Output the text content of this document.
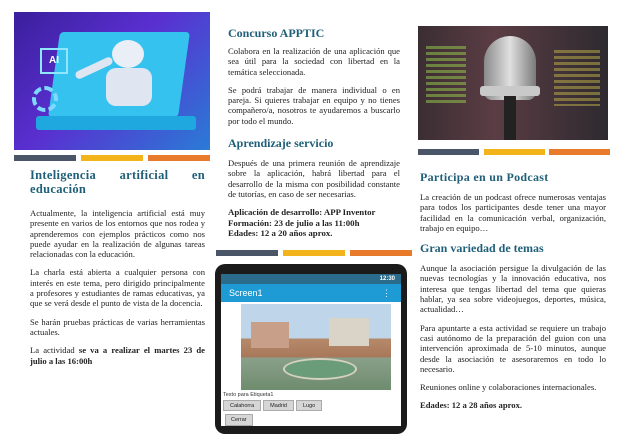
AI
Inteligencia artificial en educación

Actualmente, la inteligencia artificial está muy presente en varios de los entornos que nos rodea y aprenderemos con ejemplos prácticos como nos puede ayudar en la realización de algunas tareas relacionadas con la educación.

La charla está abierta a cualquier persona con interés en este tema, pero dirigido principalmente a profesores y estudiantes de ramas educativas, ya que se verá desde el punto de vista de la docencia.

Se harán pruebas prácticas de varias herramientas actuales.

La actividad se va a realizar el martes 23 de julio a las 16:00h

Concurso APPTIC

Colabora en la realización de una aplicación que sea útil para la sociedad con libertad en la temática seleccionada.

Se podrá trabajar de manera individual o en pareja. Si quieres trabajar en equipo y no tienes compañero/a, nosotros te ayudaremos a buscarlo por todo el mundo.

Aprendizaje servicio

Después de una primera reunión de aprendizaje sobre la aplicación, habrá libertad para el desarrollo de la misma con posibilidad constante de tutorías, en caso de ser necesarias.

Aplicación de desarrollo: APP Inventor

Formación: 23 de julio a las 11:00h

Edades: 12 a 20 años aprox.

12:30
Screen1	⋮
Texto para Etiqueta1
Calahorra	Madrid	Lugo
Cerrar
Participa en un Podcast

La creación de un podcast ofrece numerosas ventajas para todos los participantes desde tener una mayor facilidad en la comunicación verbal, organización, trabajo en equipo…

Gran variedad de temas

Aunque la asociación persigue la divulgación de las nuevas tecnologías y la innovación educativa, nos interesa que tengas libertad del tema que quieras hablar, ya sea sobre videojuegos, deportes, música, actualidad…

Para apuntarte a esta actividad se requiere un trabajo casi autónomo de la preparación del guion con una intervención aproximada de 5-10 minutos, aunque desde la asociación te asesoraremos en todo lo necesario.

Reuniones online y colaboraciones internacionales.

Edades: 12 a 28 años aprox.
